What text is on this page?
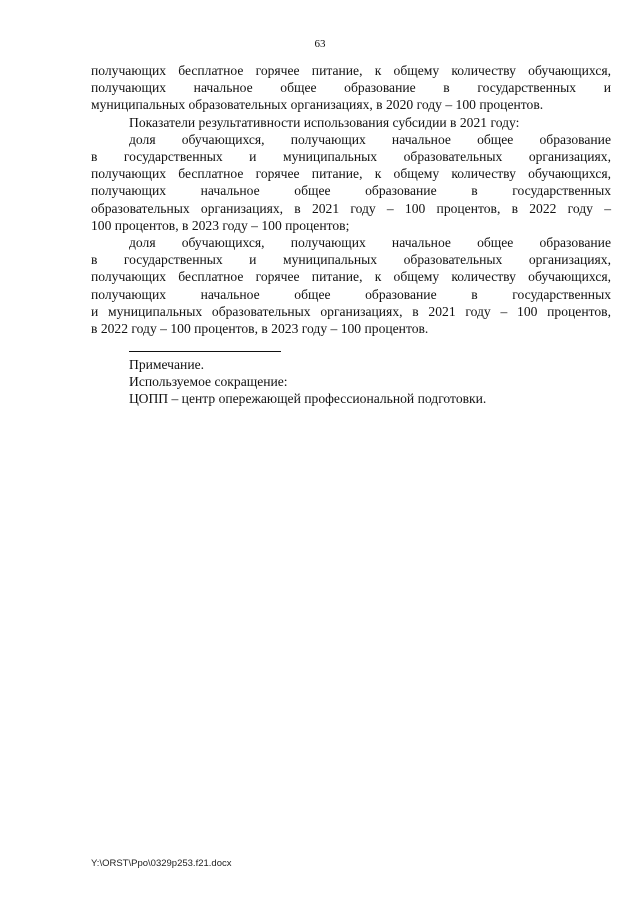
63
получающих бесплатное горячее питание, к общему количеству обучающихся,
получающих начальное общее образование в государственных и
муниципальных образовательных организациях, в 2020 году – 100 процентов.
Показатели результативности использования субсидии в 2021 году:
доля обучающихся, получающих начальное общее образование
в государственных и муниципальных образовательных организациях,
получающих бесплатное горячее питание, к общему количеству обучающихся,
получающих начальное общее образование в государственных
образовательных организациях, в 2021 году – 100 процентов, в 2022 году –
100 процентов, в 2023 году – 100 процентов;
доля обучающихся, получающих начальное общее образование
в государственных и муниципальных образовательных организациях,
получающих бесплатное горячее питание, к общему количеству обучающихся,
получающих начальное общее образование в государственных
и муниципальных образовательных организациях, в 2021 году – 100 процентов,
в 2022 году – 100 процентов, в 2023 году – 100 процентов.
Примечание.
Используемое сокращение:
ЦОПП – центр опережающей профессиональной подготовки.
Y:\ORST\Ppo\0329p253.f21.docx
